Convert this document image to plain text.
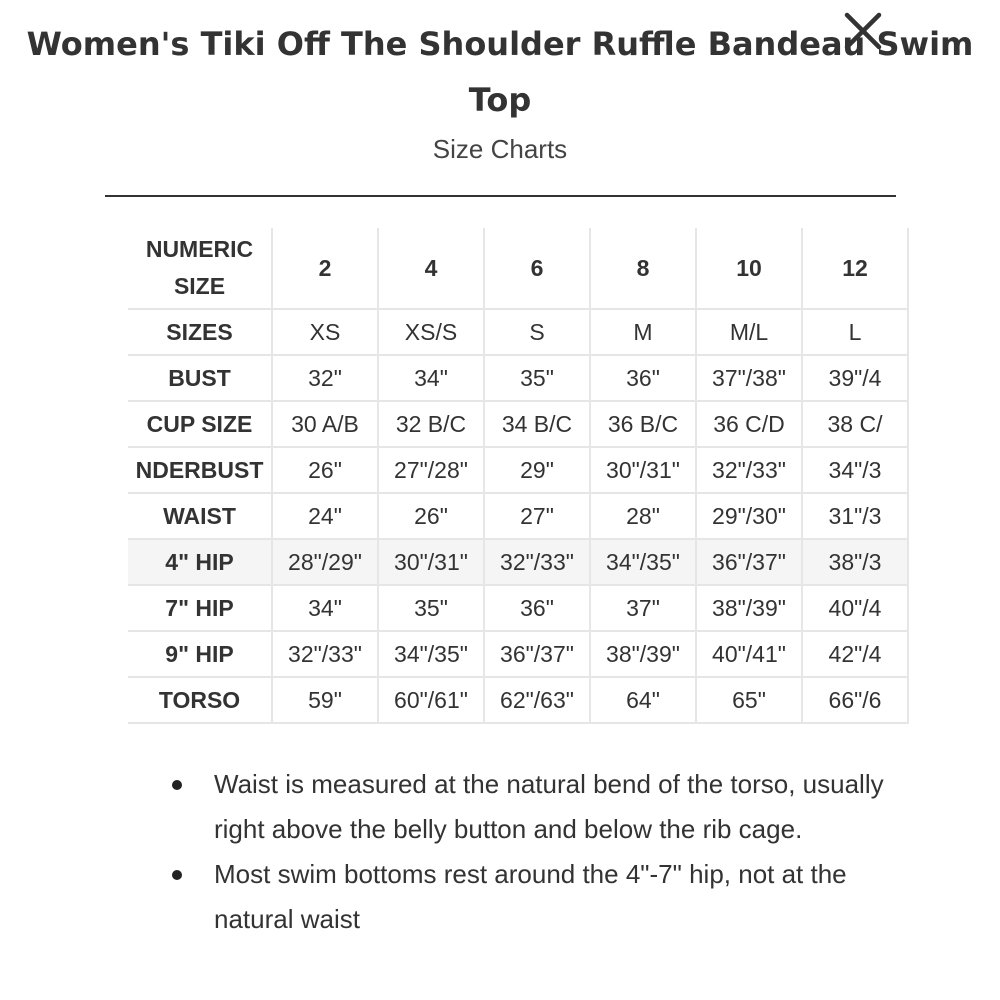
Women's Tiki Off The Shoulder Ruffle Bandeau Swim Top
Size Charts
NUMERIC SIZE	2	4	6	8	10	12
SIZES	XS	XS/S	S	M	M/L	L
BUST	32"	34"	35"	36"	37"/38"	39"/4
CUP SIZE	30 A/B	32 B/C	34 B/C	36 B/C	36 C/D	38 C/
NDERBUST	26"	27"/28"	29"	30"/31"	32"/33"	34"/3
WAIST	24"	26"	27"	28"	29"/30"	31"/3
4" HIP	28"/29"	30"/31"	32"/33"	34"/35"	36"/37"	38"/3
7" HIP	34"	35"	36"	37"	38"/39"	40"/4
9" HIP	32"/33"	34"/35"	36"/37"	38"/39"	40"/41"	42"/4
TORSO	59"	60"/61"	62"/63"	64"	65"	66"/6
Waist is measured at the natural bend of the torso, usually right above the belly button and below the rib cage.
Most swim bottoms rest around the 4"-7" hip, not at the natural waist
